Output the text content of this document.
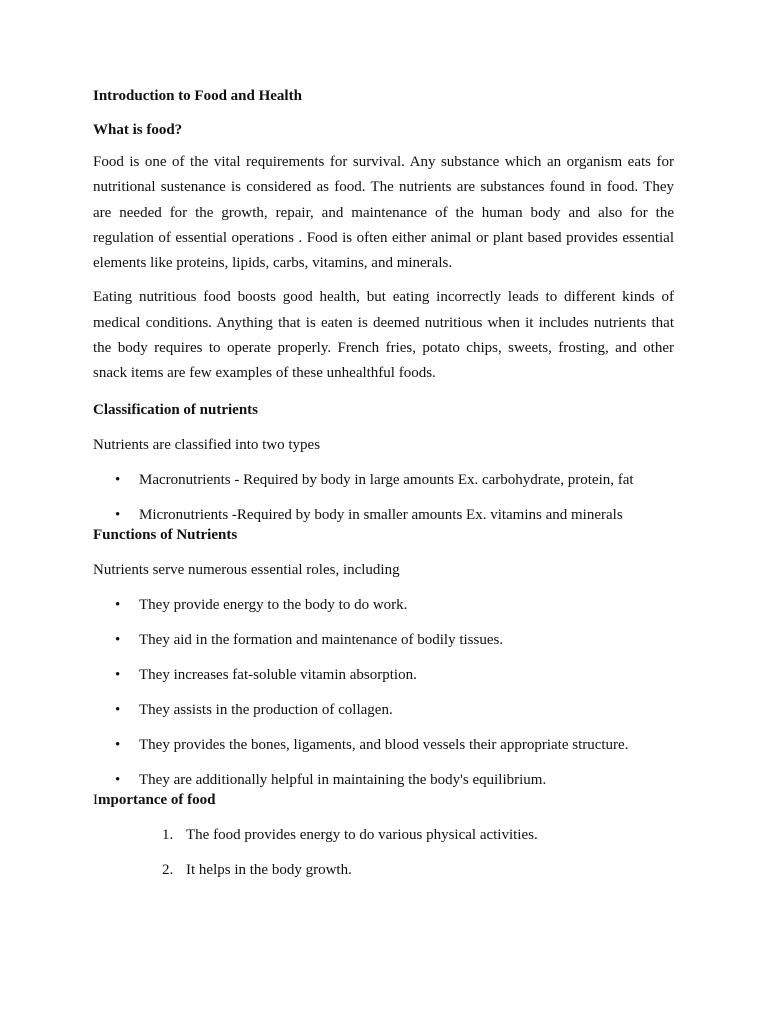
Introduction to Food and Health

What is food?

Food is one of the vital requirements for survival. Any substance which an organism eats for nutritional sustenance is considered as food. The nutrients are substances found in food. They are needed for the growth, repair, and maintenance of the human body and also for the regulation of essential operations . Food is often either animal or plant based provides essential elements like proteins, lipids, carbs, vitamins, and minerals.

Eating nutritious food boosts good health, but eating incorrectly leads to different kinds of medical conditions. Anything that is eaten is deemed nutritious when it includes nutrients that the body requires to operate properly. French fries, potato chips, sweets, frosting, and other snack items are few examples of these unhealthful foods.

Classification of nutrients

Nutrients are classified into two types

• Macronutrients - Required by body in large amounts Ex. carbohydrate, protein, fat
• Micronutrients -Required by body in smaller amounts Ex. vitamins and minerals

Functions of Nutrients

Nutrients serve numerous essential roles, including

• They provide energy to the body to do work.
• They aid in the formation and maintenance of bodily tissues.
• They increases fat-soluble vitamin absorption.
• They assists in the production of collagen.
• They provides the bones, ligaments, and blood vessels their appropriate structure.
• They are additionally helpful in maintaining the body's equilibrium.

Importance of food

1. The food provides energy to do various physical activities.
2. It helps in the body growth.
